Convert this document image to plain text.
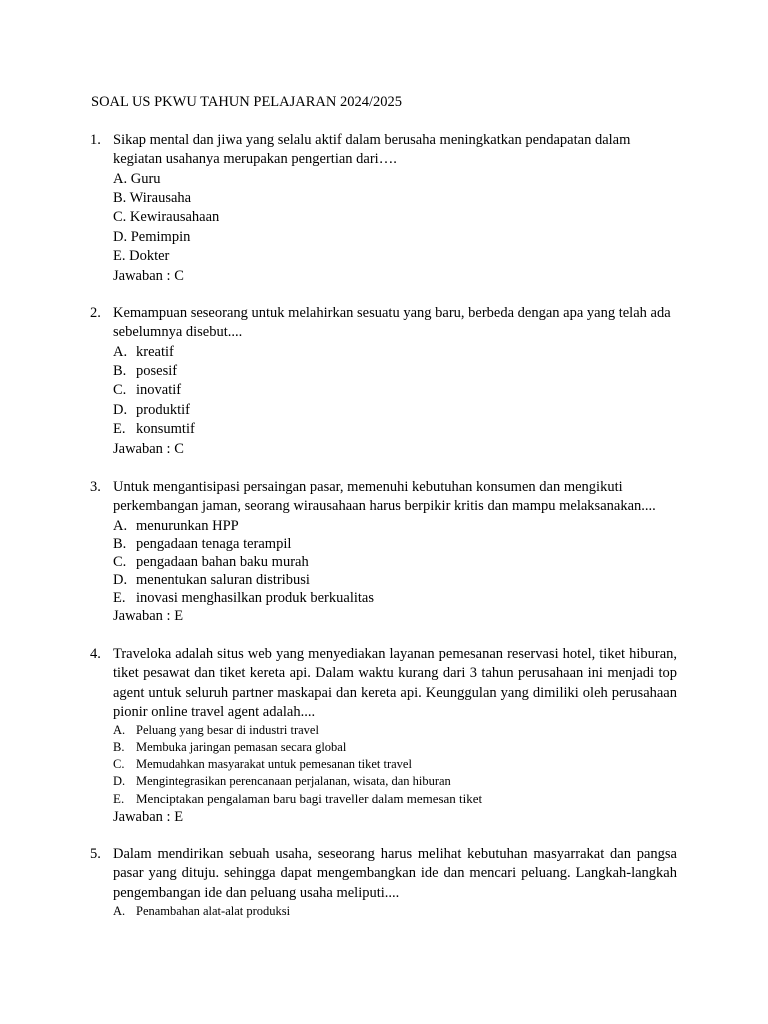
SOAL US PKWU TAHUN PELAJARAN 2024/2025
1. Sikap mental dan jiwa yang selalu aktif dalam berusaha meningkatkan pendapatan dalam kegiatan usahanya merupakan pengertian dari….
A. Guru
B. Wirausaha
C. Kewirausahaan
D. Pemimpin
E. Dokter
Jawaban : C
2. Kemampuan seseorang untuk melahirkan sesuatu yang baru, berbeda dengan apa yang telah ada sebelumnya disebut....
A. kreatif
B. posesif
C. inovatif
D. produktif
E. konsumtif
Jawaban : C
3. Untuk mengantisipasi persaingan pasar, memenuhi kebutuhan konsumen dan mengikuti perkembangan jaman, seorang wirausahaan harus berpikir kritis dan mampu melaksanakan....
A. menurunkan HPP
B. pengadaan tenaga terampil
C. pengadaan bahan baku murah
D. menentukan saluran distribusi
E. inovasi menghasilkan produk berkualitas
Jawaban : E
4. Traveloka adalah situs web yang menyediakan layanan pemesanan reservasi hotel, tiket hiburan, tiket pesawat dan tiket kereta api. Dalam waktu kurang dari 3 tahun perusahaan ini menjadi top agent untuk seluruh partner maskapai dan kereta api. Keunggulan yang dimiliki oleh perusahaan pionir online travel agent adalah....
A. Peluang yang besar di industri travel
B. Membuka jaringan pemasan secara global
C. Memudahkan masyarakat untuk pemesanan tiket travel
D. Mengintegrasikan perencanaan perjalanan, wisata, dan hiburan
E. Menciptakan pengalaman baru bagi traveller dalam memesan tiket
Jawaban : E
5. Dalam mendirikan sebuah usaha, seseorang harus melihat kebutuhan masyarrakat dan pangsa pasar yang dituju. sehingga dapat mengembangkan ide dan mencari peluang. Langkah-langkah pengembangan ide dan peluang usaha meliputi....
A. Penambahan alat-alat produksi
